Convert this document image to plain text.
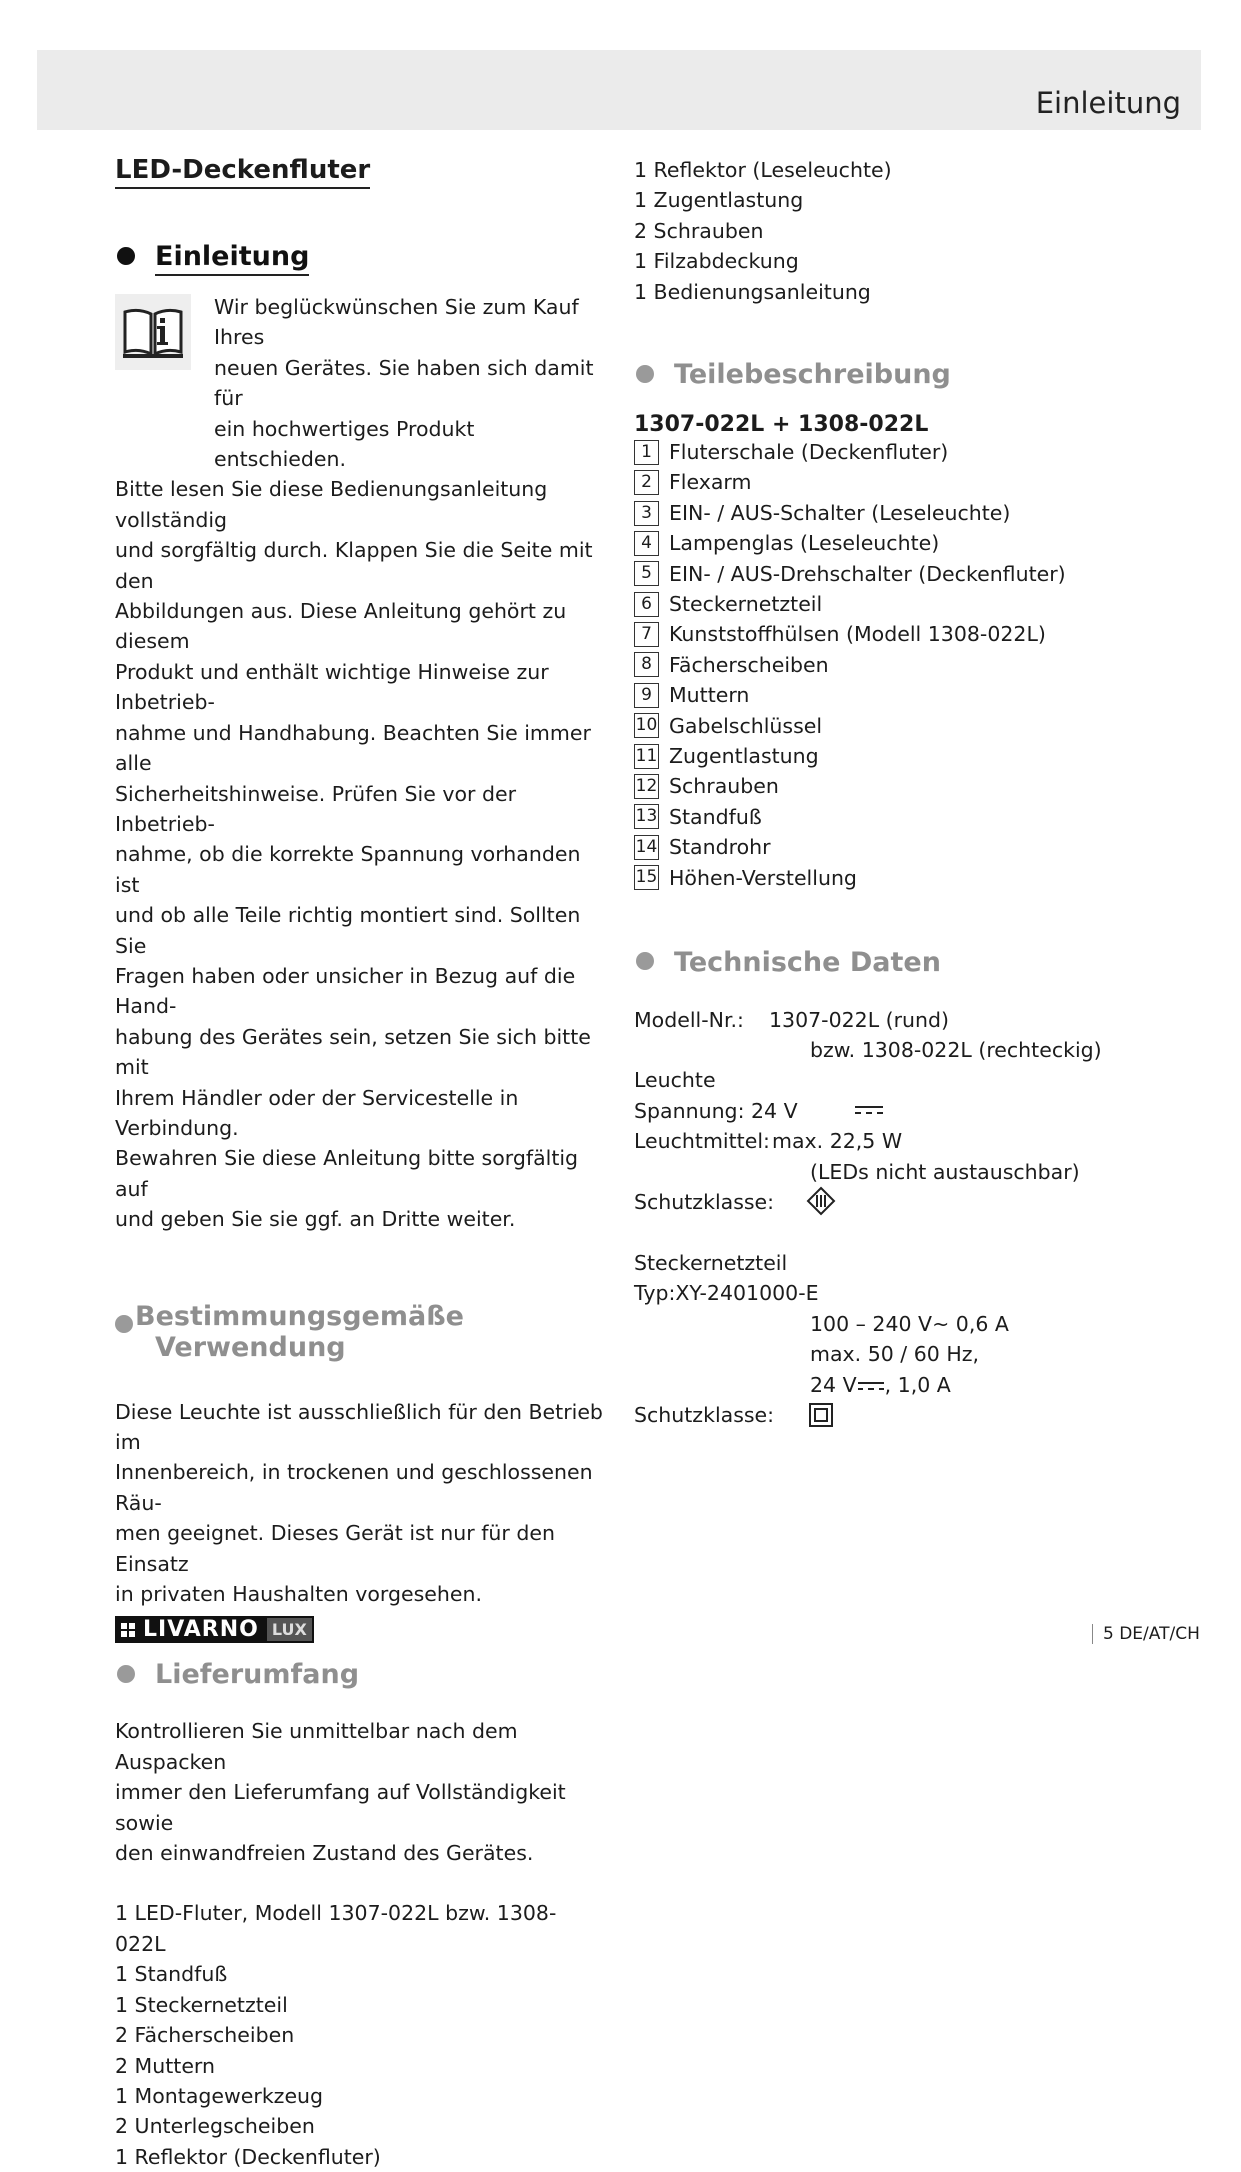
Einleitung
LED-Deckenfluter
Einleitung

Wir beglückwünschen Sie zum Kauf Ihres

neuen Gerätes. Sie haben sich damit für

ein hochwertiges Produkt entschieden.

Bitte lesen Sie diese Bedienungsanleitung vollständig

und sorgfältig durch. Klappen Sie die Seite mit den

Abbildungen aus. Diese Anleitung gehört zu diesem

Produkt und enthält wichtige Hinweise zur Inbetrieb-

nahme und Handhabung. Beachten Sie immer alle

Sicherheitshinweise. Prüfen Sie vor der Inbetrieb-

nahme, ob die korrekte Spannung vorhanden ist

und ob alle Teile richtig montiert sind. Sollten Sie

Fragen haben oder unsicher in Bezug auf die Hand-

habung des Gerätes sein, setzen Sie sich bitte mit

Ihrem Händler oder der Servicestelle in Verbindung.

Bewahren Sie diese Anleitung bitte sorgfältig auf

und geben Sie sie ggf. an Dritte weiter.

Bestimmungsgemäße
Verwendung

Diese Leuchte ist ausschließlich für den Betrieb im

Innenbereich, in trockenen und geschlossenen Räu-

men geeignet. Dieses Gerät ist nur für den Einsatz

in privaten Haushalten vorgesehen.

Lieferumfang

Kontrollieren Sie unmittelbar nach dem Auspacken

immer den Lieferumfang auf Vollständigkeit sowie

den einwandfreien Zustand des Gerätes.

1 LED-Fluter, Modell 1307-022L bzw. 1308-022L
1 Standfuß
1 Steckernetzteil
2 Fächerscheiben
2 Muttern
1 Montagewerkzeug
2 Unterlegscheiben
1 Reflektor (Deckenfluter)
1 Reflektor (Leseleuchte)
1 Zugentlastung
2 Schrauben
1 Filzabdeckung
1 Bedienungsanleitung
Teilebeschreibung

1307-022L + 1308-022L

1 Fluterschale (Deckenfluter)
2 Flexarm
3 EIN- / AUS-Schalter (Leseleuchte)
4 Lampenglas (Leseleuchte)
5 EIN- / AUS-Drehschalter (Deckenfluter)
6 Steckernetzteil
7 Kunststoffhülsen (Modell 1308-022L)
8 Fächerscheiben
9 Muttern
10 Gabelschlüssel
11 Zugentlastung
12 Schrauben
13 Standfuß
14 Standrohr
15 Höhen-Verstellung
Technische Daten
Modell-Nr.: 1307-022L (rund)
bzw. 1308-022L (rechteckig)
Leuchte
Spannung: 24 V
Leuchtmittel: max. 22,5 W
(LEDs nicht austauschbar)
Schutzklasse:
Steckernetzteil
Typ:XY-2401000-E
100 – 240 V~ 0,6 A
max. 50 / 60 Hz,
24 V , 1,0 A
Schutzklasse:
LIVARNO LUX	5 DE/AT/CH
